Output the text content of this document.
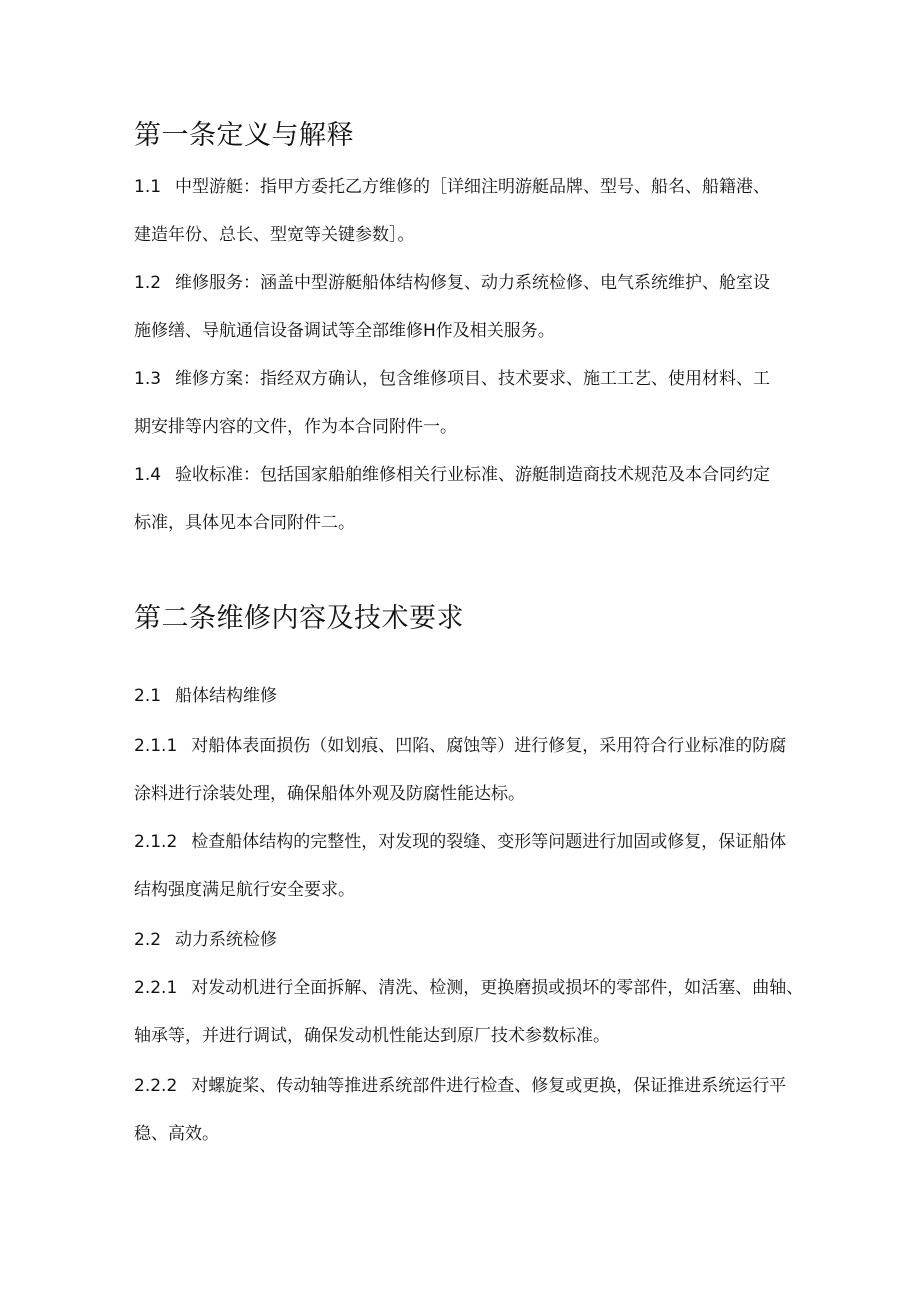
第一条定义与解释
1.1 中型游艇：指甲方委托乙方维修的［详细注明游艇品牌、型号、船名、船籍港、
建造年份、总长、型宽等关键参数］。
1.2 维修服务：涵盖中型游艇船体结构修复、动力系统检修、电气系统维护、舱室设
施修缮、导航通信设备调试等全部维修H作及相关服务。
1.3 维修方案：指经双方确认，包含维修项目、技术要求、施工工艺、使用材料、工
期安排等内容的文件，作为本合同附件一。
1.4 验收标准：包括国家船舶维修相关行业标准、游艇制造商技术规范及本合同约定
标准，具体见本合同附件二。
第二条维修内容及技术要求
2.1 船体结构维修
2.1.1 对船体表面损伤（如划痕、凹陷、腐蚀等）进行修复，采用符合行业标准的防腐
涂料进行涂装处理，确保船体外观及防腐性能达标。
2.1.2 检查船体结构的完整性，对发现的裂缝、变形等问题进行加固或修复，保证船体
结构强度满足航行安全要求。
2.2 动力系统检修
2.2.1 对发动机进行全面拆解、清洗、检测，更换磨损或损坏的零部件，如活塞、曲轴、
轴承等，并进行调试，确保发动机性能达到原厂技术参数标准。
2.2.2 对螺旋桨、传动轴等推进系统部件进行检查、修复或更换，保证推进系统运行平
稳、高效。
